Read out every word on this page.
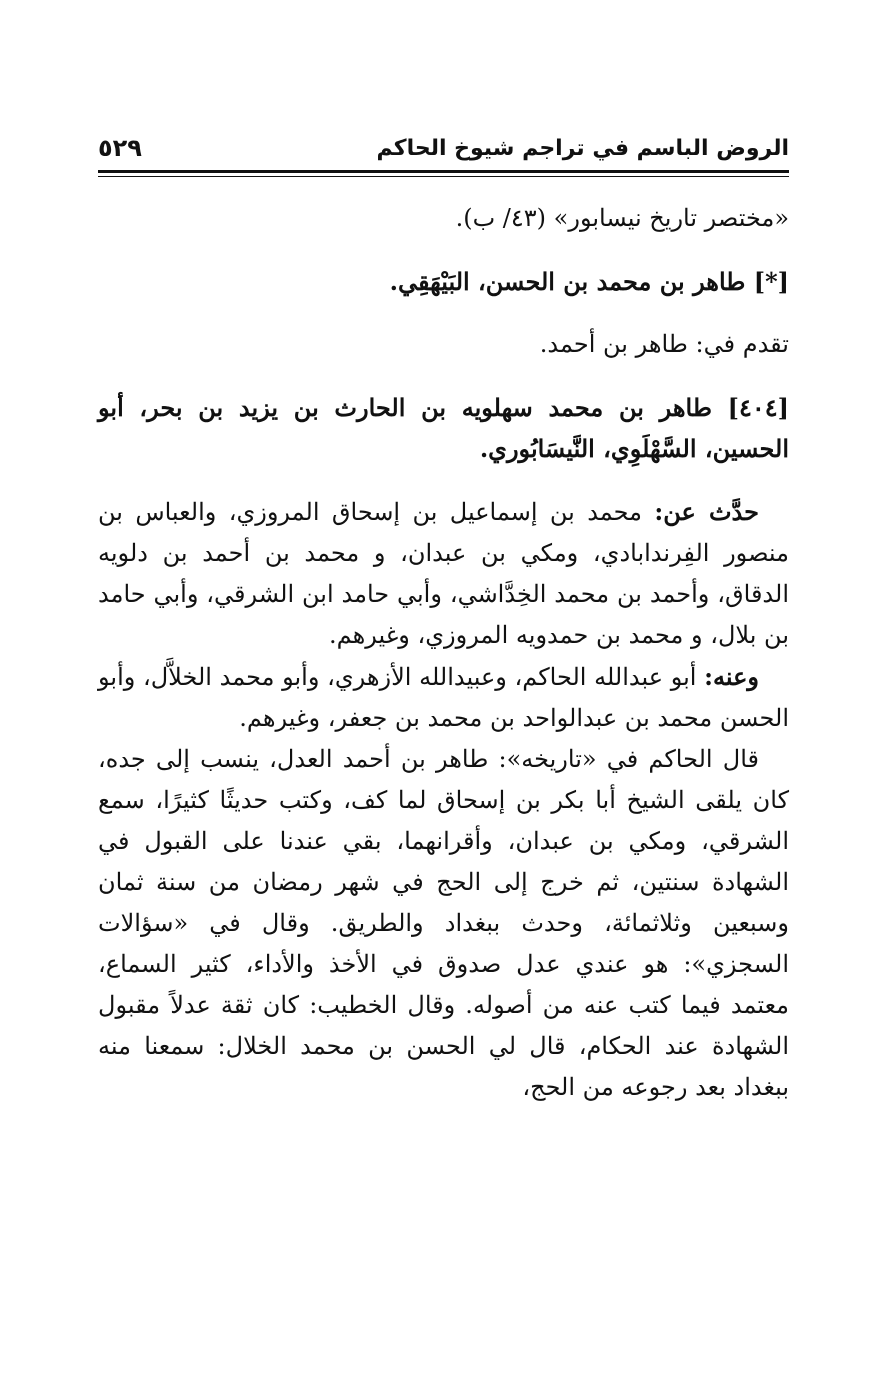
الروض الباسم في تراجم شيوخ الحاكم
٥٢٩

«مختصر تاريخ نيسابور» (٤٣/ ب).

[*] طاهر بن محمد بن الحسن، البَيْهَقِي.

تقدم في: طاهر بن أحمد.

[٤٠٤] طاهر بن محمد سهلويه بن الحارث بن يزيد بن بحر، أبو الحسين، السَّهْلَوِي، النَّيسَابُوري.

حدَّث عن: محمد بن إسماعيل بن إسحاق المروزي، والعباس بن منصور الفِرندابادي، ومكي بن عبدان، و محمد بن أحمد بن دلويه الدقاق، وأحمد بن محمد الخِدَّاشي، وأبي حامد ابن الشرقي، وأبي حامد بن بلال، و محمد بن حمدويه المروزي، وغيرهم.

وعنه: أبو عبدالله الحاكم، وعبيدالله الأزهري، وأبو محمد الخلاَّل، وأبو الحسن محمد بن عبدالواحد بن محمد بن جعفر، وغيرهم.

قال الحاكم في «تاريخه»: طاهر بن أحمد العدل، ينسب إلى جده، كان يلقى الشيخ أبا بكر بن إسحاق لما كف، وكتب حديثًا كثيرًا، سمع الشرقي، ومكي بن عبدان، وأقرانهما، بقي عندنا على القبول في الشهادة سنتين، ثم خرج إلى الحج في شهر رمضان من سنة ثمان وسبعين وثلاثمائة، وحدث ببغداد والطريق. وقال في «سؤالات السجزي»: هو عندي عدل صدوق في الأخذ والأداء، كثير السماع، معتمد فيما كتب عنه من أصوله. وقال الخطيب: كان ثقة عدلاً مقبول الشهادة عند الحكام، قال لي الحسن بن محمد الخلال: سمعنا منه ببغداد بعد رجوعه من الحج،
